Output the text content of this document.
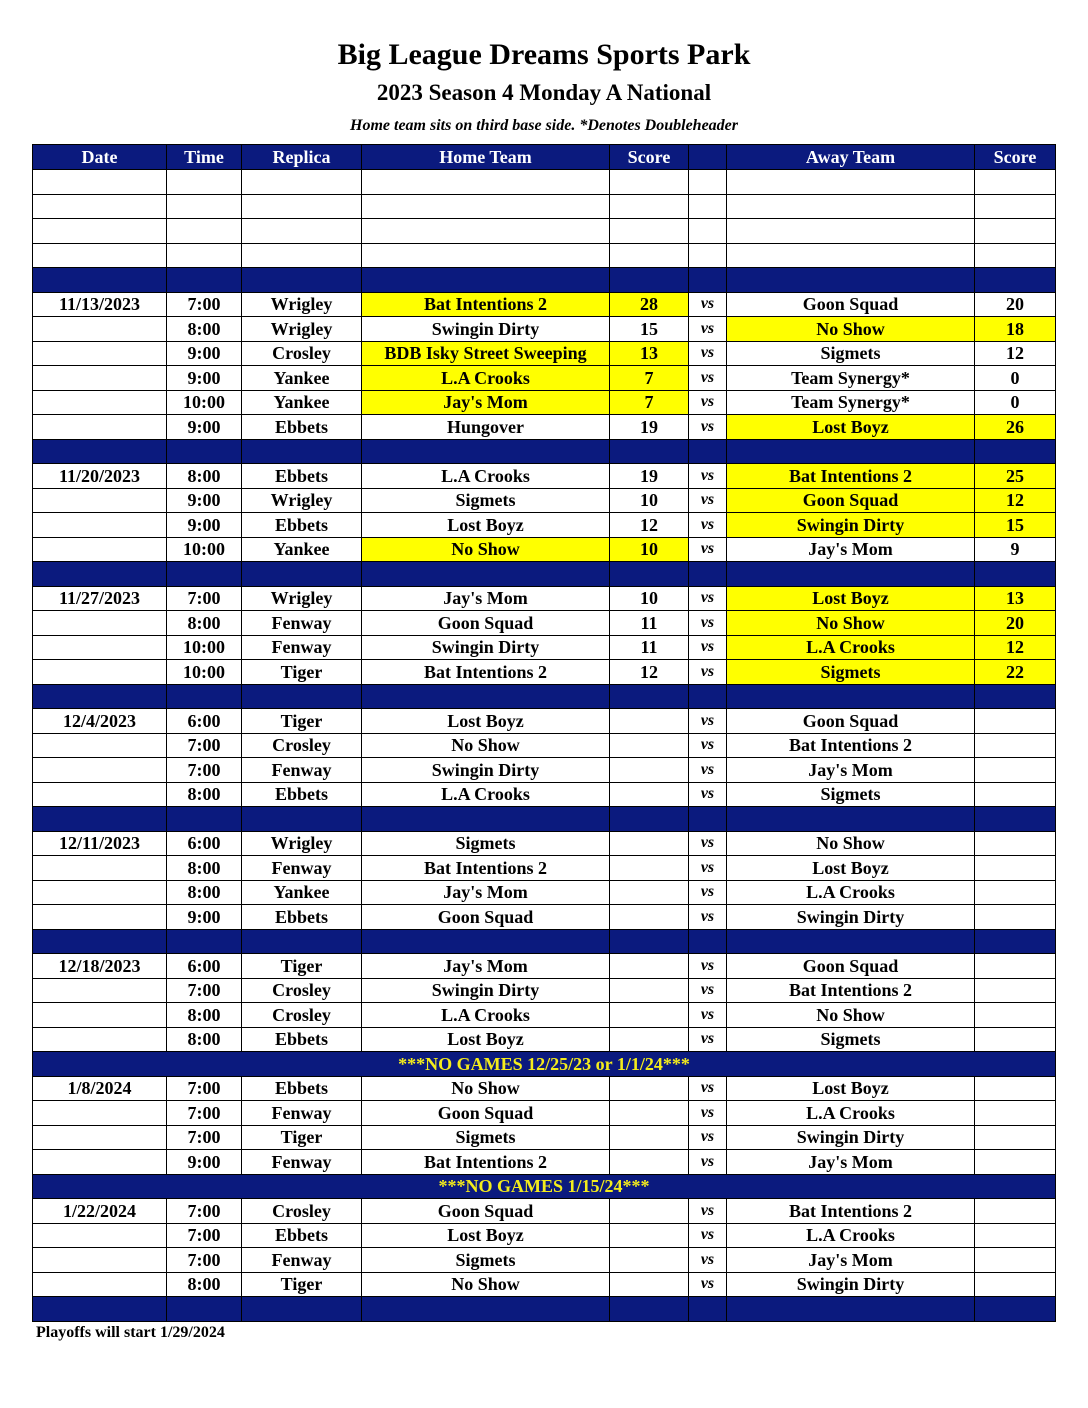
Big League Dreams Sports Park
2023 Season 4 Monday A National
Home team sits on third base side. *Denotes Doubleheader
Date	Time	Replica	Home Team	Score		Away Team	Score

11/13/2023	7:00	Wrigley	Bat Intentions 2	28	vs	Goon Squad	20
	8:00	Wrigley	Swingin Dirty	15	vs	No Show	18
	9:00	Crosley	BDB Isky Street Sweeping	13	vs	Sigmets	12
	9:00	Yankee	L.A Crooks	7	vs	Team Synergy*	0
	10:00	Yankee	Jay's Mom	7	vs	Team Synergy*	0
	9:00	Ebbets	Hungover	19	vs	Lost Boyz	26

11/20/2023	8:00	Ebbets	L.A Crooks	19	vs	Bat Intentions 2	25
	9:00	Wrigley	Sigmets	10	vs	Goon Squad	12
	9:00	Ebbets	Lost Boyz	12	vs	Swingin Dirty	15
	10:00	Yankee	No Show	10	vs	Jay's Mom	9

11/27/2023	7:00	Wrigley	Jay's Mom	10	vs	Lost Boyz	13
	8:00	Fenway	Goon Squad	11	vs	No Show	20
	10:00	Fenway	Swingin Dirty	11	vs	L.A Crooks	12
	10:00	Tiger	Bat Intentions 2	12	vs	Sigmets	22

12/4/2023	6:00	Tiger	Lost Boyz		vs	Goon Squad	
	7:00	Crosley	No Show		vs	Bat Intentions 2	
	7:00	Fenway	Swingin Dirty		vs	Jay's Mom	
	8:00	Ebbets	L.A Crooks		vs	Sigmets	

12/11/2023	6:00	Wrigley	Sigmets		vs	No Show	
	8:00	Fenway	Bat Intentions 2		vs	Lost Boyz	
	8:00	Yankee	Jay's Mom		vs	L.A Crooks	
	9:00	Ebbets	Goon Squad		vs	Swingin Dirty	

12/18/2023	6:00	Tiger	Jay's Mom		vs	Goon Squad	
	7:00	Crosley	Swingin Dirty		vs	Bat Intentions 2	
	8:00	Crosley	L.A Crooks		vs	No Show	
	8:00	Ebbets	Lost Boyz		vs	Sigmets	
***NO GAMES 12/25/23 or 1/1/24***							
1/8/2024	7:00	Ebbets	No Show		vs	Lost Boyz	
	7:00	Fenway	Goon Squad		vs	L.A Crooks	
	7:00	Tiger	Sigmets		vs	Swingin Dirty	
	9:00	Fenway	Bat Intentions 2		vs	Jay's Mom	
***NO GAMES 1/15/24***							
1/22/2024	7:00	Crosley	Goon Squad		vs	Bat Intentions 2	
	7:00	Ebbets	Lost Boyz		vs	L.A Crooks	
	7:00	Fenway	Sigmets		vs	Jay's Mom	
	8:00	Tiger	No Show		vs	Swingin Dirty	

Playoffs will start 1/29/2024
